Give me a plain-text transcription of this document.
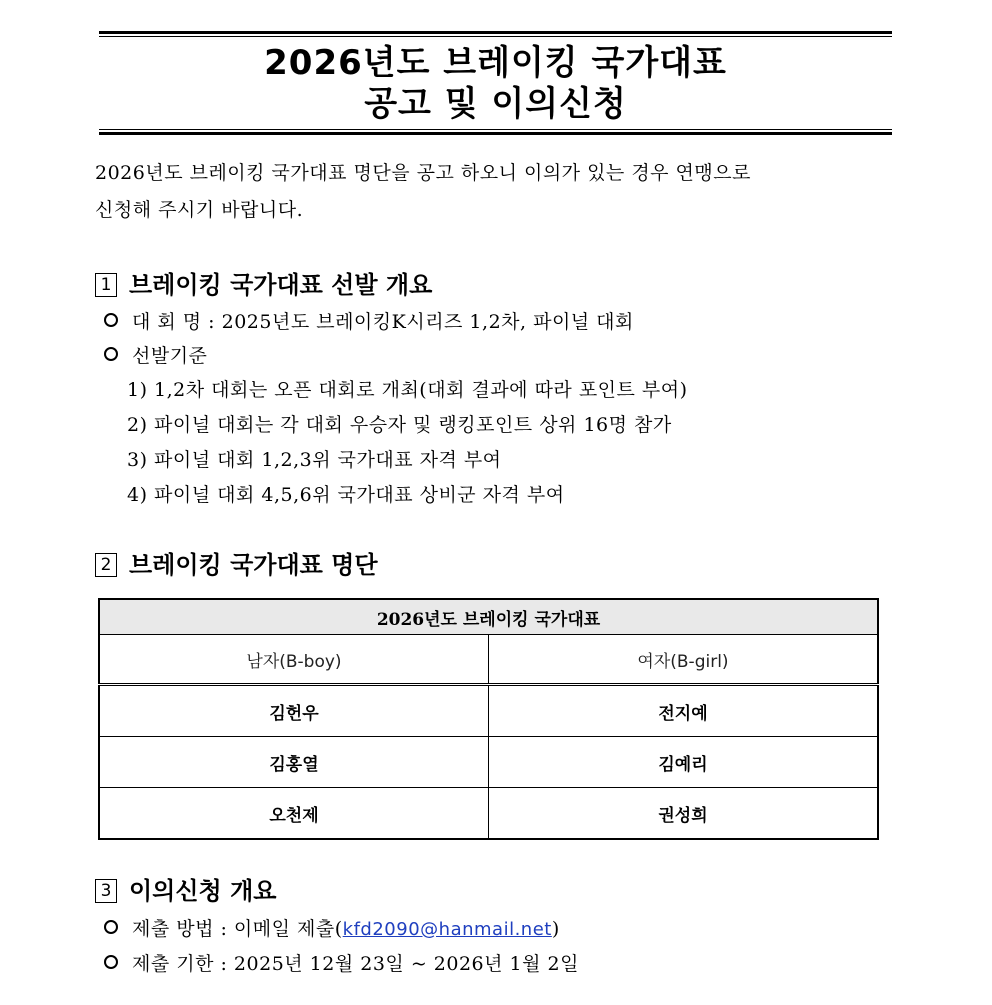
2026년도 브레이킹 국가대표
공고 및 이의신청
2026년도 브레이킹 국가대표 명단을 공고 하오니 이의가 있는 경우 연맹으로
신청해 주시기 바랍니다.
1 브레이킹 국가대표 선발 개요
대 회 명 : 2025년도 브레이킹K시리즈 1,2차, 파이널 대회
선발기준
1) 1,2차 대회는 오픈 대회로 개최(대회 결과에 따라 포인트 부여)
2) 파이널 대회는 각 대회 우승자 및 랭킹포인트 상위 16명 참가
3) 파이널 대회 1,2,3위 국가대표 자격 부여
4) 파이널 대회 4,5,6위 국가대표 상비군 자격 부여
2 브레이킹 국가대표 명단
2026년도 브레이킹 국가대표	
남자(B-boy)	여자(B-girl)
김헌우	전지예
김홍열	김예리
오천제	권성희
3 이의신청 개요
제출 방법 : 이메일 제출(kfd2090@hanmail.net)
제출 기한 : 2025년 12월 23일 ~ 2026년 1월 2일
